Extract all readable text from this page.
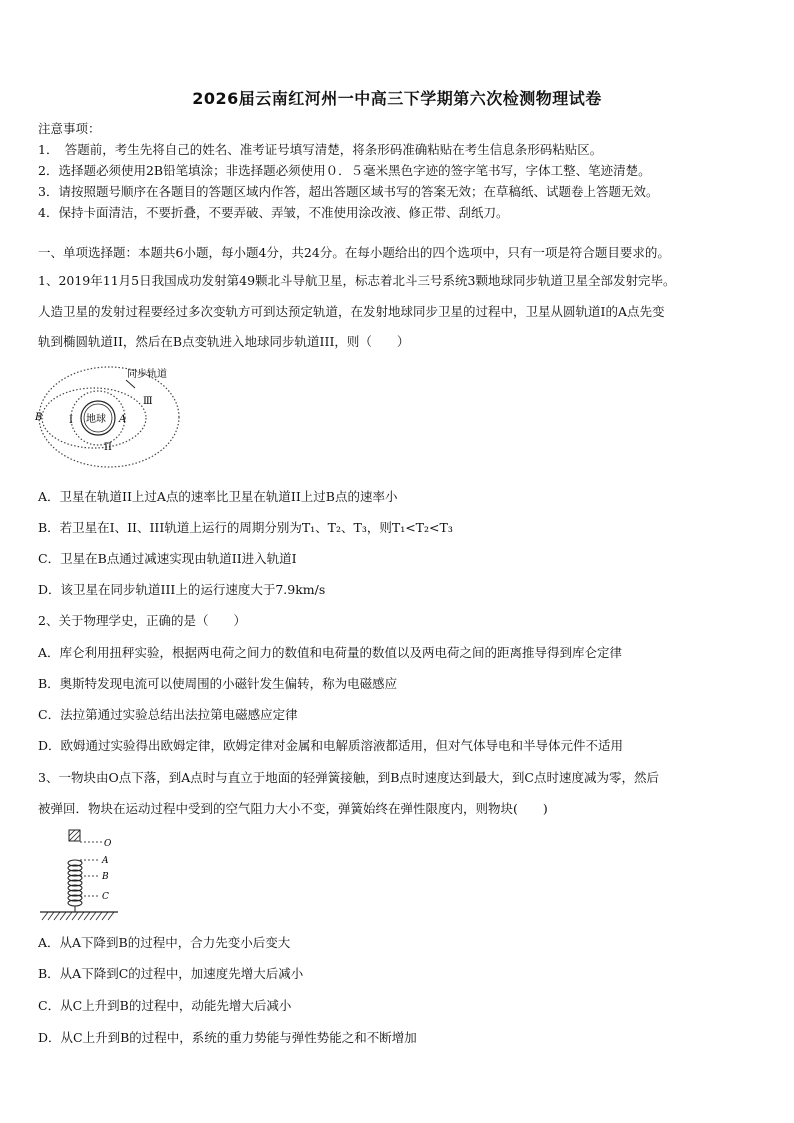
2026届云南红河州一中高三下学期第六次检测物理试卷
注意事项：
1．　答题前，考生先将自己的姓名、准考证号填写清楚，将条形码准确粘贴在考生信息条形码粘贴区。
2．选择题必须使用2B铅笔填涂；非选择题必须使用０．５毫米黑色字迹的签字笔书写，字体工整、笔迹清楚。
3．请按照题号顺序在各题目的答题区域内作答，超出答题区域书写的答案无效；在草稿纸、试题卷上答题无效。
4．保持卡面清洁，不要折叠，不要弄破、弄皱，不准使用涂改液、修正带、刮纸刀。
一、单项选择题：本题共6小题，每小题4分，共24分。在每小题给出的四个选项中，只有一项是符合题目要求的。
1、2019年11月5日我国成功发射第49颗北斗导航卫星，标志着北斗三号系统3颗地球同步轨道卫星全部发射完毕。
人造卫星的发射过程要经过多次变轨方可到达预定轨道，在发射地球同步卫星的过程中，卫星从圆轨道I的A点先变
轨到椭圆轨道II，然后在B点变轨进入地球同步轨道III，则（　　）
地球
I
II
Ⅲ
A
B
同步轨道
A．卫星在轨道II上过A点的速率比卫星在轨道II上过B点的速率小
B．若卫星在I、II、III轨道上运行的周期分别为T₁、T₂、T₃，则T₁<T₂<T₃
C．卫星在B点通过减速实现由轨道II进入轨道I
D．该卫星在同步轨道III上的运行速度大于7.9km/s
2、关于物理学史，正确的是（　　）
A．库仑利用扭秤实验，根据两电荷之间力的数值和电荷量的数值以及两电荷之间的距离推导得到库仑定律
B．奥斯特发现电流可以使周围的小磁针发生偏转，称为电磁感应
C．法拉第通过实验总结出法拉第电磁感应定律
D．欧姆通过实验得出欧姆定律，欧姆定律对金属和电解质溶液都适用，但对气体导电和半导体元件不适用
3、一物块由O点下落，到A点时与直立于地面的轻弹簧接触，到B点时速度达到最大，到C点时速度减为零，然后
被弹回．物块在运动过程中受到的空气阻力大小不变，弹簧始终在弹性限度内，则物块(　　)
O
A
B
C
A．从A下降到B的过程中，合力先变小后变大
B．从A下降到C的过程中，加速度先增大后减小
C．从C上升到B的过程中，动能先增大后减小
D．从C上升到B的过程中，系统的重力势能与弹性势能之和不断增加
